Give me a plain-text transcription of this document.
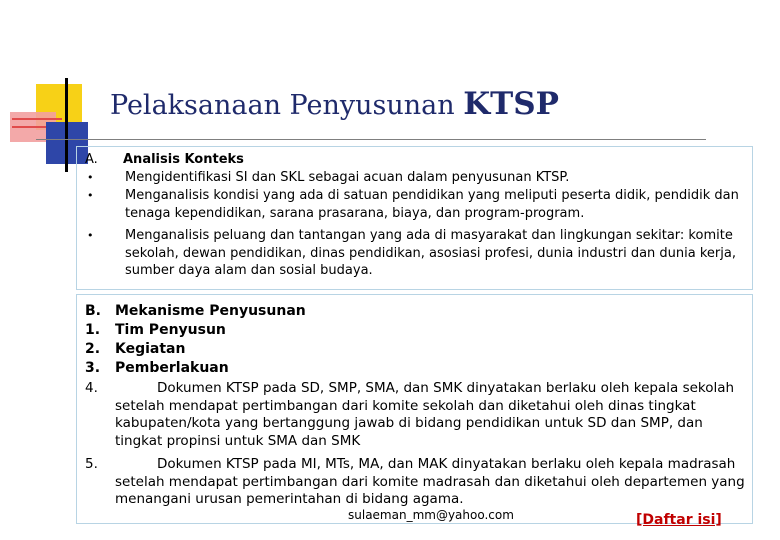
Pelaksanaan Penyusunan KTSP
A.	Analisis Konteks
•	Mengidentifikasi SI dan SKL sebagai acuan dalam penyusunan KTSP.
•	Menganalisis kondisi yang ada di satuan pendidikan yang meliputi peserta didik, pendidik dan tenaga kependidikan, sarana prasarana, biaya, dan program-program.
•	Menganalisis peluang dan tantangan yang ada di masyarakat dan lingkungan sekitar: komite sekolah, dewan pendidikan, dinas pendidikan, asosiasi profesi, dunia industri dan dunia kerja, sumber daya alam dan sosial budaya.
B.	Mekanisme Penyusunan
1.	Tim Penyusun
2.	Kegiatan
3.	Pemberlakuan
4.	Dokumen KTSP pada SD, SMP, SMA, dan SMK dinyatakan berlaku oleh kepala sekolah setelah mendapat pertimbangan dari komite sekolah dan diketahui oleh dinas tingkat kabupaten/kota yang bertanggung jawab di bidang pendidikan untuk SD dan SMP, dan tingkat propinsi untuk SMA dan SMK
5.	Dokumen KTSP pada MI, MTs, MA, dan MAK dinyatakan berlaku oleh kepala madrasah setelah mendapat pertimbangan dari komite madrasah dan diketahui oleh departemen yang menangani urusan pemerintahan di bidang agama.
sulaeman_mm@yahoo.com	[Daftar isi]
